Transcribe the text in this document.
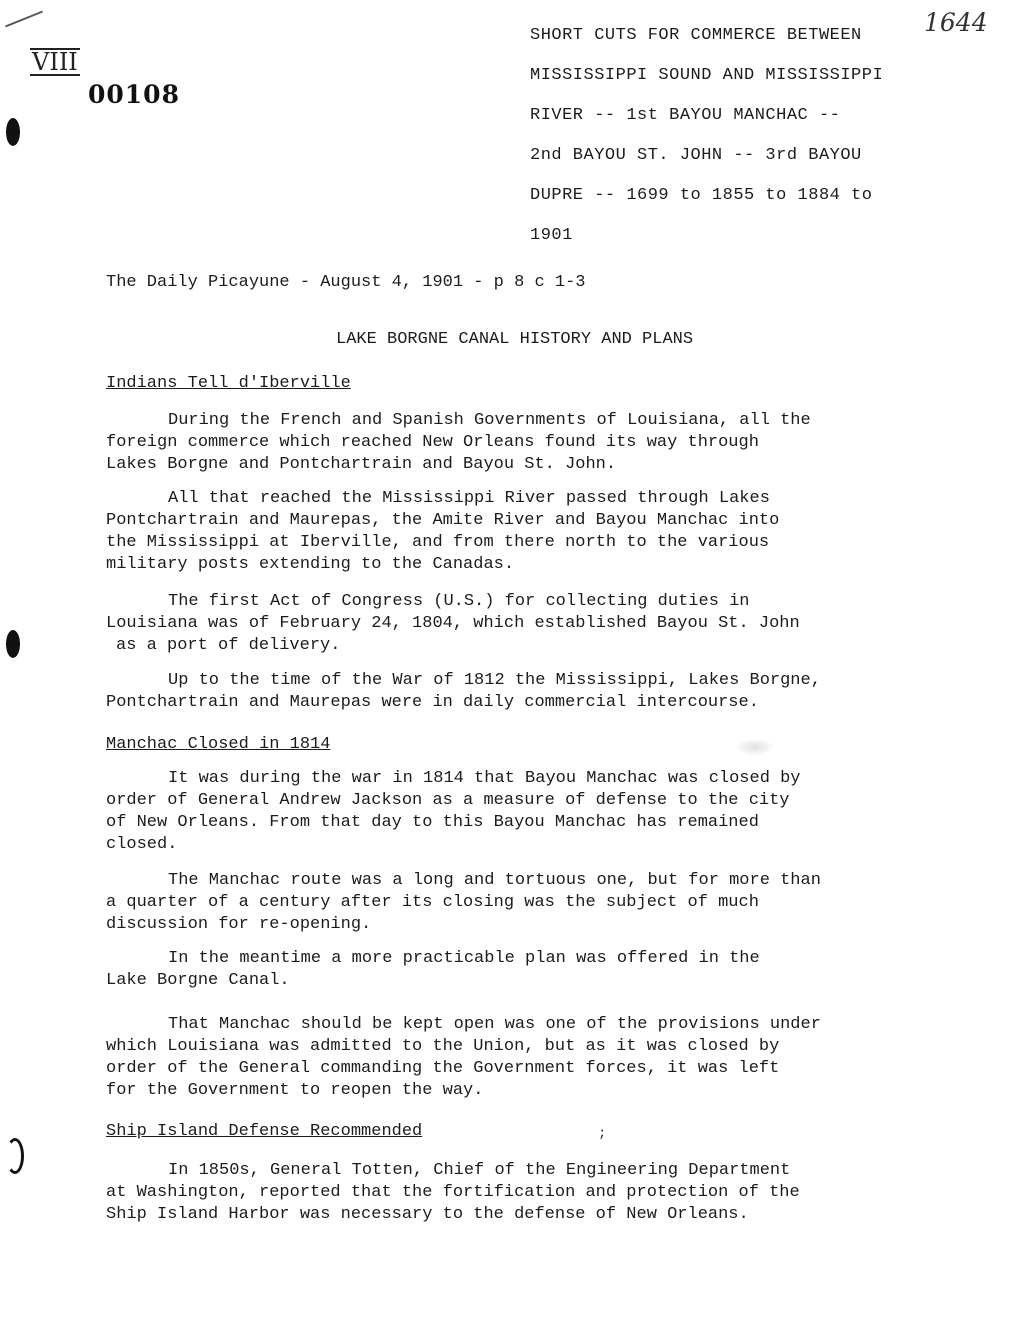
VIII
00108
1644
SHORT CUTS FOR COMMERCE BETWEEN
MISSISSIPPI SOUND AND MISSISSIPPI
RIVER -- 1st BAYOU MANCHAC --
2nd BAYOU ST. JOHN -- 3rd BAYOU
DUPRE -- 1699 to 1855 to 1884 to
1901
The Daily Picayune - August 4, 1901 - p 8 c 1-3
LAKE BORGNE CANAL HISTORY AND PLANS
Indians Tell d'Iberville
During the French and Spanish Governments of Louisiana, all the
foreign commerce which reached New Orleans found its way through
Lakes Borgne and Pontchartrain and Bayou St. John.
All that reached the Mississippi River passed through Lakes
Pontchartrain and Maurepas, the Amite River and Bayou Manchac into
the Mississippi at Iberville, and from there north to the various
military posts extending to the Canadas.
The first Act of Congress (U.S.) for collecting duties in
Louisiana was of February 24, 1804, which established Bayou St. John
as a port of delivery.
Up to the time of the War of 1812 the Mississippi, Lakes Borgne,
Pontchartrain and Maurepas were in daily commercial intercourse.
Manchac Closed in 1814
It was during the war in 1814 that Bayou Manchac was closed by
order of General Andrew Jackson as a measure of defense to the city
of New Orleans. From that day to this Bayou Manchac has remained
closed.
The Manchac route was a long and tortuous one, but for more than
a quarter of a century after its closing was the subject of much
discussion for re-opening.
In the meantime a more practicable plan was offered in the
Lake Borgne Canal.
That Manchac should be kept open was one of the provisions under
which Louisiana was admitted to the Union, but as it was closed by
order of the General commanding the Government forces, it was left
for the Government to reopen the way.
Ship Island Defense Recommended	;
In 1850s, General Totten, Chief of the Engineering Department
at Washington, reported that the fortification and protection of the
Ship Island Harbor was necessary to the defense of New Orleans.
